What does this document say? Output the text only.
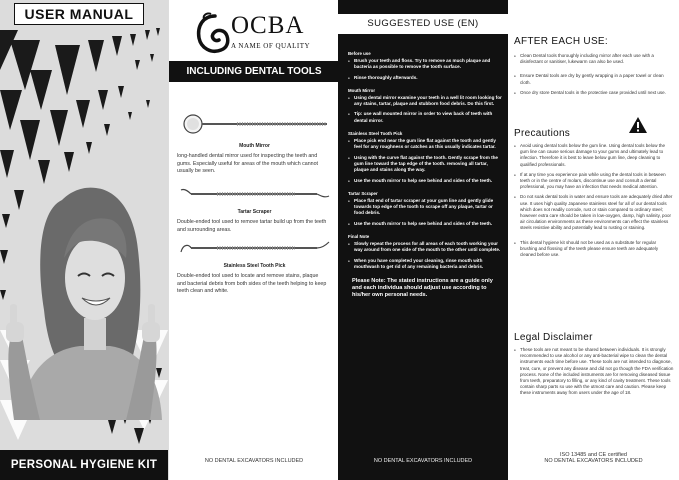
USER MANUAL
PERSONAL HYGIENE KIT
OCBA
A NAME OF QUALITY
INCLUDING DENTAL TOOLS
Mouth Mirror
long-handled dental mirror used for inspecting the teeth and gums. Especially useful for areas of the mouth which cannot usually be seen.
Tartar Scraper
Double-ended tool used to remove tartar build up from the teeth and surrounding areas.
Stainless Steel Tooth Pick
Double-ended tool used to locate and remove stains, plaque and bacterial debris from both sides of the teeth helping to keep teeth clean and white.
NO DENTAL EXCAVATORS INCLUDED
SUGGESTED USE (EN)
Before use
● Brush your teeth and floss. Try to remove as much plaque and bacteria as possible to remove the tooth surface.
● Rinse thoroughly afterwards.
Mouth Mirror
● Using dental mirror examine your teeth in a well lit room looking for any stains, tartar, plaque and stubborn food debris. Do this first.
● Tip: use wall mounted mirror in order to view back of teeth with dental mirror.
Stainless Steel Tooth Pick
● Place pick end near the gum line flat against the tooth and gently feel for any roughness or catches as this usually indicates tartar.
● Using with the curve flat against the tooth. Gently scrape from the gum line toward the tap edge of the tooth. removing all tartar, plaque and stains along the way.
● Use the mouth mirror to help see behind and sides of the teeth.
Tartar Scraper
● Place flat end of tartar scraper at your gum line and gently glide towards top edge of the tooth to scrape off any plaque, tartar or food debris.
● Use the mouth mirror to help see behind and sides of the teeth.
Final Note
● Slowly repeat the process for all areas of each tooth working your way around from one side of the mouth to the other until complete.
● When you have completed your cleaning, rinse mouth with mouthwash to get rid of any remaining bacteria and debris.
Please Note: The stated instructions are a guide only and each individua should adjust use according to his/her own personal needs.
NO DENTAL EXCAVATORS INCLUDED
AFTER EACH USE:
● Clean Dental tools thoroughly including mirror after each use with a disinfectant or sanitiser, lukewarm can also be used.
● Ensure Dental tools are dry by gently wrapping in a paper towel or clean cloth.
● Once dry store Dental tools in the protective case provided until next use.
Precautions
● Avoid using dental tools below the gum line. Using dental tools below the gum line can cause serious damage to your gums and ultimately lead to infection. Therefore it is best to leave below gum line, deep cleaning to qualified professionals.
● If at any time you experience pain while using the dental tools in between teeth or in the centre of molars, discontinue use and consult a dental professional, you may have an infection that needs medical attention.
● Do not soak dental tools in water and ensure tools are adequately dried after use. It uses high quality Japanese stainless steel for all of our dental tools which does not readily corrode, rust or stain compared to ordinary steel; however extra care should be taken in low-oxygen, damp, high salinity, poor air circulation environments as these environments can effect the stainless steels resistive ability and potentially lead to rusting or staining.
● This dental hygiene kit should not be used as a substitute for regular brushing and flossing of the teeth please ensure teeth are adequately cleaned before use.
Legal Disclaimer
● These tools are not meant to be shared between individuals. It is strongly recommended to use alcohol or any anti-bacterial wipe to clean the dental instruments each time before use. These tools are not intended to diagnose, treat, cure, or prevent any disease and did not go though the FDA verification process. None of the included instruments are for removing diseased tissue from teeth, preparatory to filling, or any kind of cavity treatment. These tools contain sharp parts so use with the utmost care and caution. Please keep these instruments away from users under the age of 18.
ISO 13485 and CE certified
NO DENTAL EXCAVATORS INCLUDED
